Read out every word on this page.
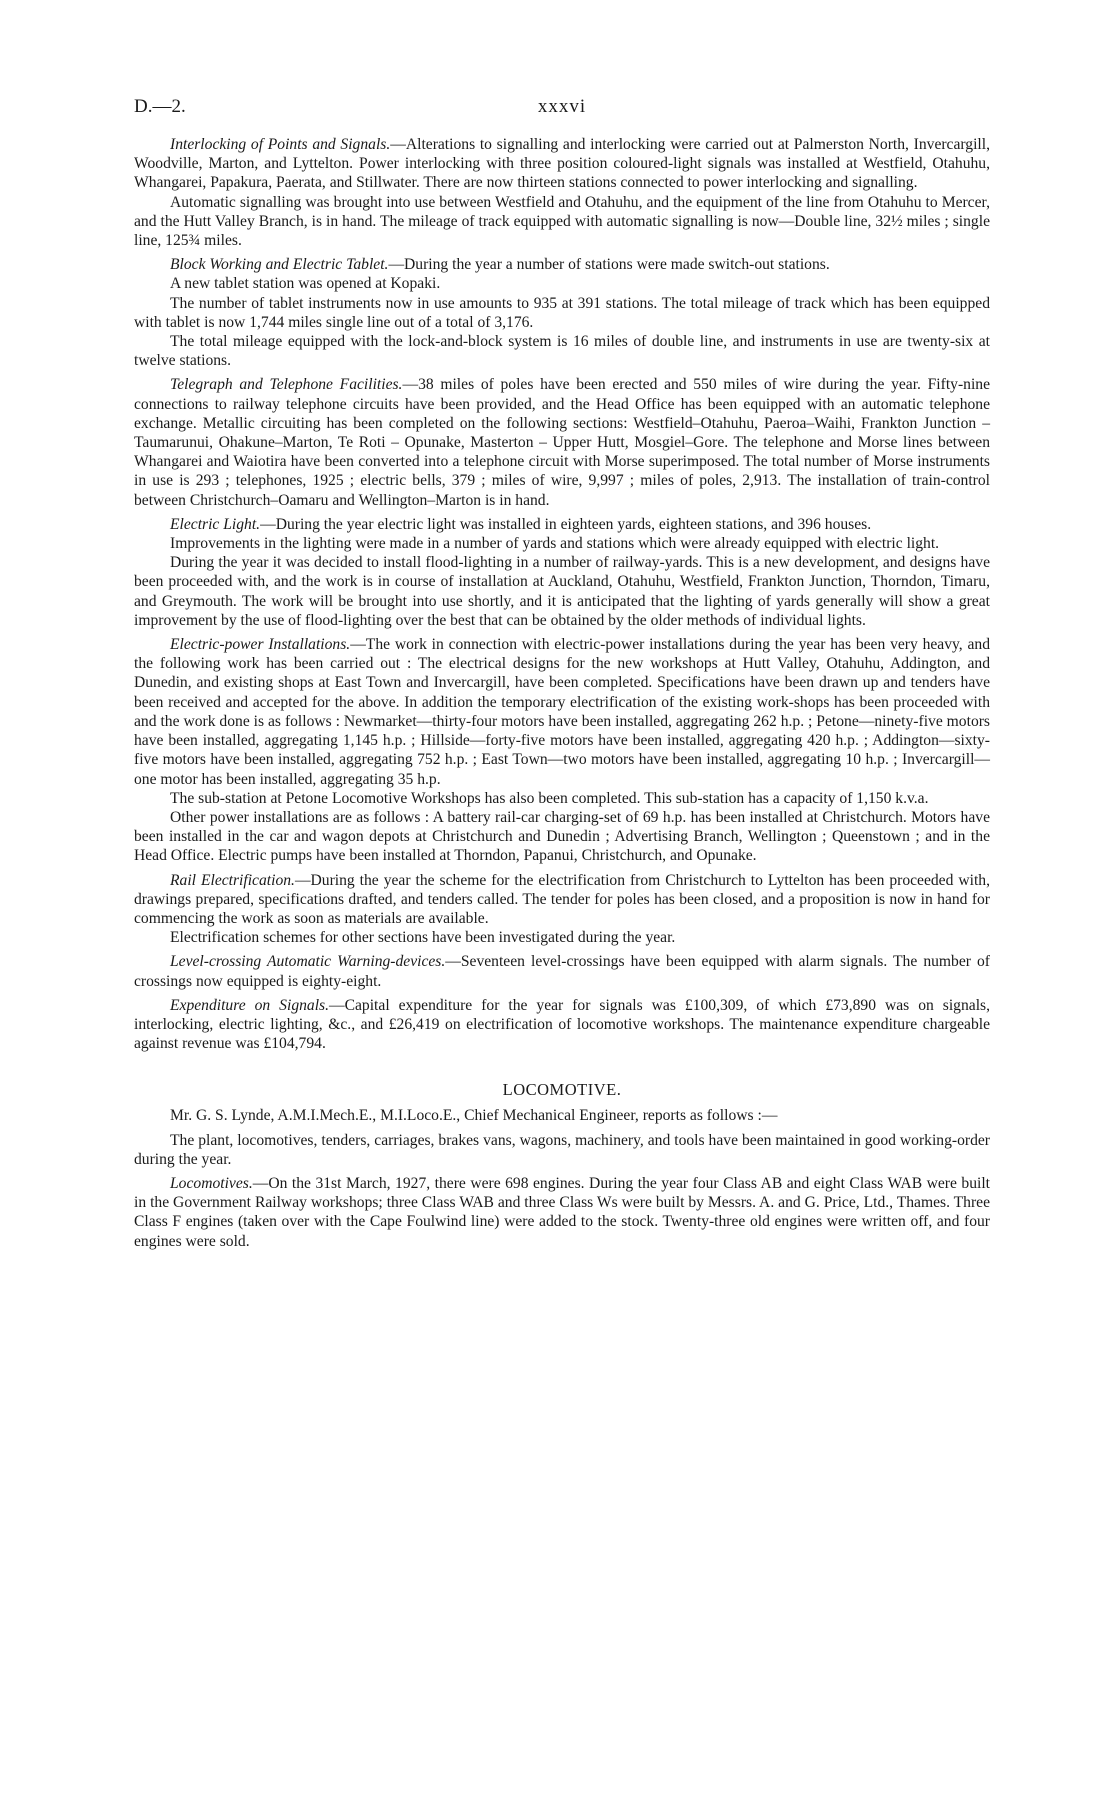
D.—2.	xxxvi

Interlocking of Points and Signals.—Alterations to signalling and interlocking were carried out at Palmerston North, Invercargill, Woodville, Marton, and Lyttelton. Power interlocking with three position coloured-light signals was installed at Westfield, Otahuhu, Whangarei, Papakura, Paerata, and Stillwater. There are now thirteen stations connected to power interlocking and signalling.

Automatic signalling was brought into use between Westfield and Otahuhu, and the equipment of the line from Otahuhu to Mercer, and the Hutt Valley Branch, is in hand. The mileage of track equipped with automatic signalling is now—Double line, 32½ miles ; single line, 125¾ miles.

Block Working and Electric Tablet.—During the year a number of stations were made switch-out stations.

A new tablet station was opened at Kopaki.

The number of tablet instruments now in use amounts to 935 at 391 stations. The total mileage of track which has been equipped with tablet is now 1,744 miles single line out of a total of 3,176.

The total mileage equipped with the lock-and-block system is 16 miles of double line, and instruments in use are twenty-six at twelve stations.

Telegraph and Telephone Facilities.—38 miles of poles have been erected and 550 miles of wire during the year. Fifty-nine connections to railway telephone circuits have been provided, and the Head Office has been equipped with an automatic telephone exchange. Metallic circuiting has been completed on the following sections: Westfield–Otahuhu, Paeroa–Waihi, Frankton Junction – Taumarunui, Ohakune–Marton, Te Roti – Opunake, Masterton – Upper Hutt, Mosgiel–Gore. The telephone and Morse lines between Whangarei and Waiotira have been converted into a telephone circuit with Morse superimposed. The total number of Morse instruments in use is 293 ; telephones, 1925 ; electric bells, 379 ; miles of wire, 9,997 ; miles of poles, 2,913. The installation of train-control between Christchurch–Oamaru and Wellington–Marton is in hand.

Electric Light.—During the year electric light was installed in eighteen yards, eighteen stations, and 396 houses.

Improvements in the lighting were made in a number of yards and stations which were already equipped with electric light.

During the year it was decided to install flood-lighting in a number of railway-yards. This is a new development, and designs have been proceeded with, and the work is in course of installation at Auckland, Otahuhu, Westfield, Frankton Junction, Thorndon, Timaru, and Greymouth. The work will be brought into use shortly, and it is anticipated that the lighting of yards generally will show a great improvement by the use of flood-lighting over the best that can be obtained by the older methods of individual lights.

Electric-power Installations.—The work in connection with electric-power installations during the year has been very heavy, and the following work has been carried out : The electrical designs for the new workshops at Hutt Valley, Otahuhu, Addington, and Dunedin, and existing shops at East Town and Invercargill, have been completed. Specifications have been drawn up and tenders have been received and accepted for the above. In addition the temporary electrification of the existing work-shops has been proceeded with and the work done is as follows : Newmarket—thirty-four motors have been installed, aggregating 262 h.p. ; Petone—ninety-five motors have been installed, aggregating 1,145 h.p. ; Hillside—forty-five motors have been installed, aggregating 420 h.p. ; Addington—sixty-five motors have been installed, aggregating 752 h.p. ; East Town—two motors have been installed, aggregating 10 h.p. ; Invercargill—one motor has been installed, aggregating 35 h.p.

The sub-station at Petone Locomotive Workshops has also been completed. This sub-station has a capacity of 1,150 k.v.a.

Other power installations are as follows : A battery rail-car charging-set of 69 h.p. has been installed at Christchurch. Motors have been installed in the car and wagon depots at Christchurch and Dunedin ; Advertising Branch, Wellington ; Queenstown ; and in the Head Office. Electric pumps have been installed at Thorndon, Papanui, Christchurch, and Opunake.

Rail Electrification.—During the year the scheme for the electrification from Christchurch to Lyttelton has been proceeded with, drawings prepared, specifications drafted, and tenders called. The tender for poles has been closed, and a proposition is now in hand for commencing the work as soon as materials are available.

Electrification schemes for other sections have been investigated during the year.

Level-crossing Automatic Warning-devices.—Seventeen level-crossings have been equipped with alarm signals. The number of crossings now equipped is eighty-eight.

Expenditure on Signals.—Capital expenditure for the year for signals was £100,309, of which £73,890 was on signals, interlocking, electric lighting, &c., and £26,419 on electrification of locomotive workshops. The maintenance expenditure chargeable against revenue was £104,794.

LOCOMOTIVE.

Mr. G. S. Lynde, A.M.I.Mech.E., M.I.Loco.E., Chief Mechanical Engineer, reports as follows :—

The plant, locomotives, tenders, carriages, brakes vans, wagons, machinery, and tools have been maintained in good working-order during the year.

Locomotives.—On the 31st March, 1927, there were 698 engines. During the year four Class AB and eight Class WAB were built in the Government Railway workshops; three Class WAB and three Class Ws were built by Messrs. A. and G. Price, Ltd., Thames. Three Class F engines (taken over with the Cape Foulwind line) were added to the stock. Twenty-three old engines were written off, and four engines were sold.
